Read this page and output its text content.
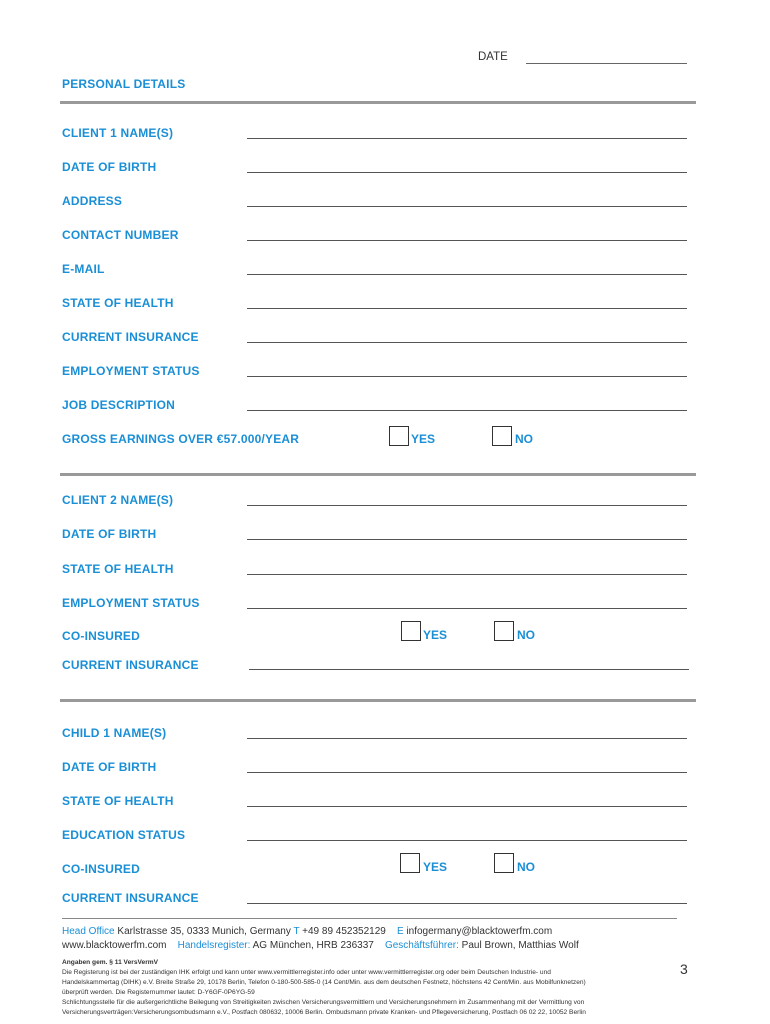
DATE
PERSONAL DETAILS
CLIENT 1 NAME(S)
DATE OF BIRTH
ADDRESS
CONTACT NUMBER
E-MAIL
STATE OF HEALTH
CURRENT INSURANCE
EMPLOYMENT STATUS
JOB DESCRIPTION
GROSS EARNINGS OVER €57.000/YEAR	YES	NO
CLIENT 2 NAME(S)
DATE OF BIRTH
STATE OF HEALTH
EMPLOYMENT STATUS
CO-INSURED	YES	NO
CURRENT INSURANCE
CHILD 1 NAME(S)
DATE OF BIRTH
STATE OF HEALTH
EDUCATION STATUS
CO-INSURED	YES	NO
CURRENT INSURANCE
Head Office Karlstrasse 35, 0333 Munich, Germany T +49 89 452352129 E infogermany@blacktowerfm.com
www.blacktowerfm.com Handelsregister: AG München, HRB 236337 Geschäftsführer: Paul Brown, Matthias Wolf
Angaben gem. § 11 VersVermV
Die Registerung ist bei der zuständigen IHK erfolgt und kann unter www.vermittlerregister.info oder unter www.vermittlerregister.org oder beim Deutschen Industrie- und
Handelskammertag (DIHK) e.V. Breite Straße 29, 10178 Berlin, Telefon 0-180-500-585-0 (14 Cent/Min. aus dem deutschen Festnetz, höchstens 42 Cent/Min. aus Mobilfunknetzen)
überprüft werden. Die Registernummer lautet: D-Y6GF-0P6YG-59
Schlichtungsstelle für die außergerichtliche Beilegung von Streitigkeiten zwischen Versicherungsvermittlern und Versicherungsnehmern im Zusammenhang mit der Vermittlung von
Versicherungsverträgen:Versicherungsombudsmann e.V., Postfach 080632, 10006 Berlin. Ombudsmann private Kranken- und Pflegeversicherung, Postfach 06 02 22, 10052 Berlin
3
